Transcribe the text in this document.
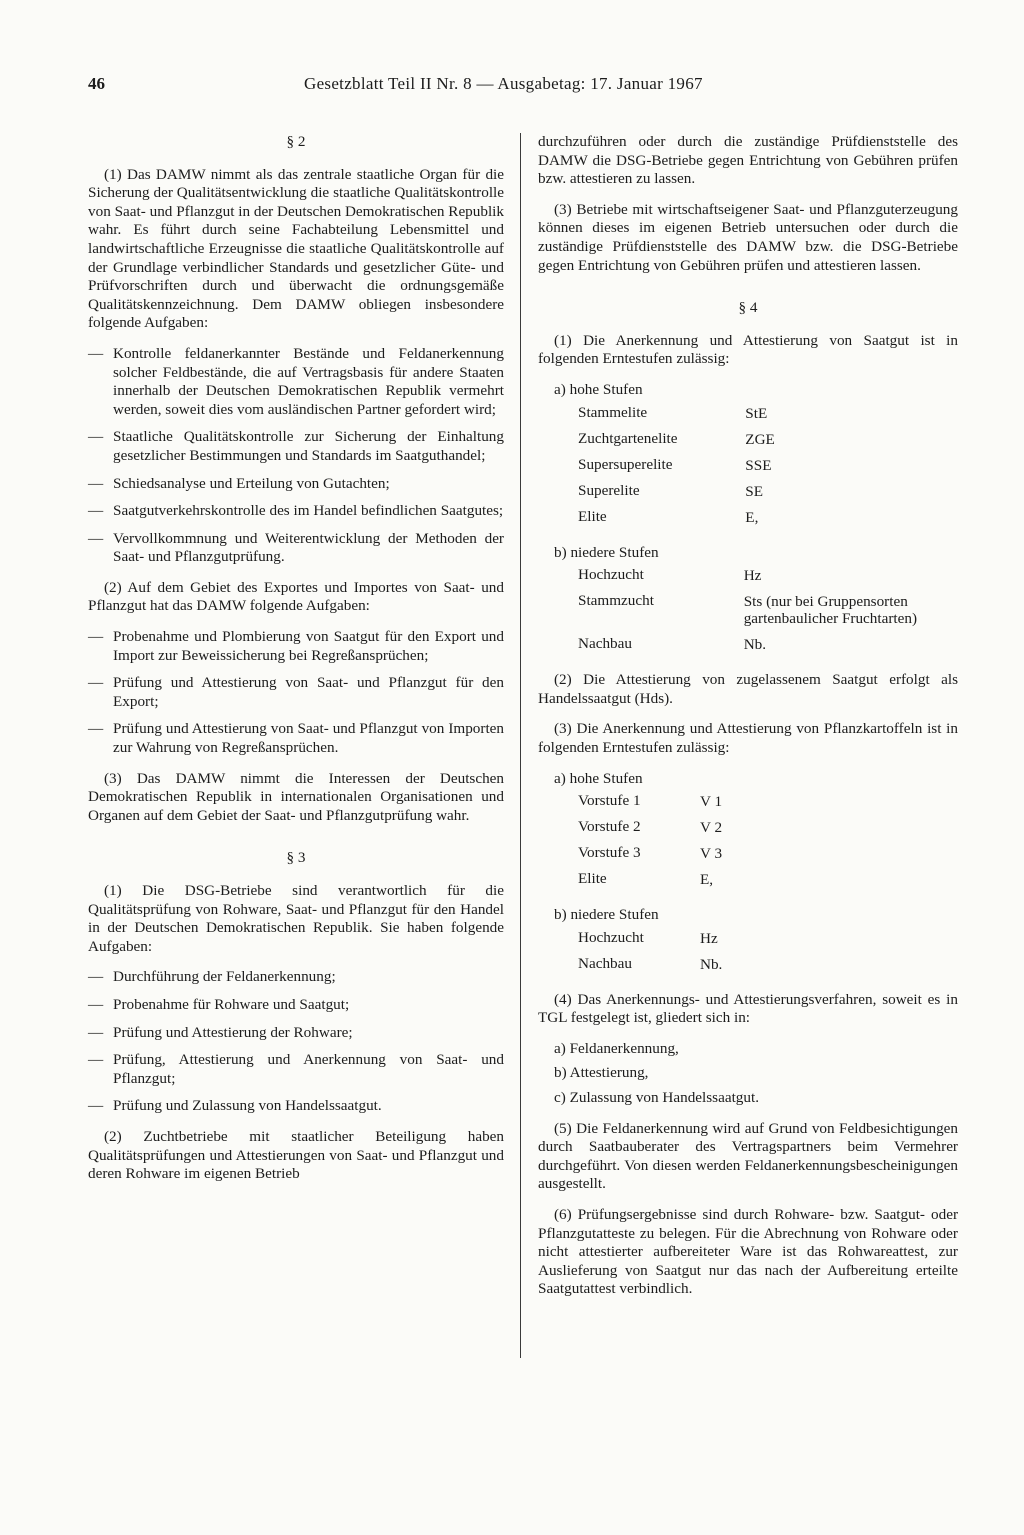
46	Gesetzblatt Teil II Nr. 8 — Ausgabetag: 17. Januar 1967
§ 2

(1) Das DAMW nimmt als das zentrale staatliche Organ für die Sicherung der Qualitätsentwicklung die staatliche Qualitätskontrolle von Saat- und Pflanzgut in der Deutschen Demokratischen Republik wahr. Es führt durch seine Fachabteilung Lebensmittel und landwirtschaftliche Erzeugnisse die staatliche Qualitätskontrolle auf der Grundlage verbindlicher Standards und gesetzlicher Güte- und Prüfvorschriften durch und überwacht die ordnungsgemäße Qualitätskennzeichnung. Dem DAMW obliegen insbesondere folgende Aufgaben:

— Kontrolle feldanerkannter Bestände und Feldanerkennung solcher Feldbestände, die auf Vertragsbasis für andere Staaten innerhalb der Deutschen Demokratischen Republik vermehrt werden, soweit dies vom ausländischen Partner gefordert wird;
— Staatliche Qualitätskontrolle zur Sicherung der Einhaltung gesetzlicher Bestimmungen und Standards im Saatguthandel;
— Schiedsanalyse und Erteilung von Gutachten;
— Saatgutverkehrskontrolle des im Handel befindlichen Saatgutes;
— Vervollkommnung und Weiterentwicklung der Methoden der Saat- und Pflanzgutprüfung.

(2) Auf dem Gebiet des Exportes und Importes von Saat- und Pflanzgut hat das DAMW folgende Aufgaben:

— Probenahme und Plombierung von Saatgut für den Export und Import zur Beweissicherung bei Regreßansprüchen;
— Prüfung und Attestierung von Saat- und Pflanzgut für den Export;
— Prüfung und Attestierung von Saat- und Pflanzgut von Importen zur Wahrung von Regreßansprüchen.

(3) Das DAMW nimmt die Interessen der Deutschen Demokratischen Republik in internationalen Organisationen und Organen auf dem Gebiet der Saat- und Pflanzgutprüfung wahr.

§ 3

(1) Die DSG-Betriebe sind verantwortlich für die Qualitätsprüfung von Rohware, Saat- und Pflanzgut für den Handel in der Deutschen Demokratischen Republik. Sie haben folgende Aufgaben:

— Durchführung der Feldanerkennung;
— Probenahme für Rohware und Saatgut;
— Prüfung und Attestierung der Rohware;
— Prüfung, Attestierung und Anerkennung von Saat- und Pflanzgut;
— Prüfung und Zulassung von Handelssaatgut.

(2) Zuchtbetriebe mit staatlicher Beteiligung haben Qualitätsprüfungen und Attestierungen von Saat- und Pflanzgut und deren Rohware im eigenen Betrieb

durchzuführen oder durch die zuständige Prüfdienststelle des DAMW die DSG-Betriebe gegen Entrichtung von Gebühren prüfen bzw. attestieren zu lassen.

(3) Betriebe mit wirtschaftseigener Saat- und Pflanzguterzeugung können dieses im eigenen Betrieb untersuchen oder durch die zuständige Prüfdienststelle des DAMW bzw. die DSG-Betriebe gegen Entrichtung von Gebühren prüfen und attestieren lassen.

§ 4

(1) Die Anerkennung und Attestierung von Saatgut ist in folgenden Erntestufen zulässig:

a) hohe Stufen
Stammelite	StE
Zuchtgartenelite	ZGE
Supersuperelite	SSE
Superelite	SE
Elite	E,
b) niedere Stufen
Hochzucht	Hz
Stammzucht	Sts (nur bei Gruppensorten gartenbaulicher Fruchtarten)
Nachbau	Nb.

(2) Die Attestierung von zugelassenem Saatgut erfolgt als Handelssaatgut (Hds).

(3) Die Anerkennung und Attestierung von Pflanzkartoffeln ist in folgenden Erntestufen zulässig:

a) hohe Stufen
Vorstufe 1	V 1
Vorstufe 2	V 2
Vorstufe 3	V 3
Elite	E,
b) niedere Stufen
Hochzucht	Hz
Nachbau	Nb.

(4) Das Anerkennungs- und Attestierungsverfahren, soweit es in TGL festgelegt ist, gliedert sich in:

a) Feldanerkennung,
b) Attestierung,
c) Zulassung von Handelssaatgut.

(5) Die Feldanerkennung wird auf Grund von Feldbesichtigungen durch Saatbauberater des Vertragspartners beim Vermehrer durchgeführt. Von diesen werden Feldanerkennungsbescheinigungen ausgestellt.

(6) Prüfungsergebnisse sind durch Rohware- bzw. Saatgut- oder Pflanzgutatteste zu belegen. Für die Abrechnung von Rohware oder nicht attestierter aufbereiteter Ware ist das Rohwareattest, zur Auslieferung von Saatgut nur das nach der Aufbereitung erteilte Saatgutattest verbindlich.
